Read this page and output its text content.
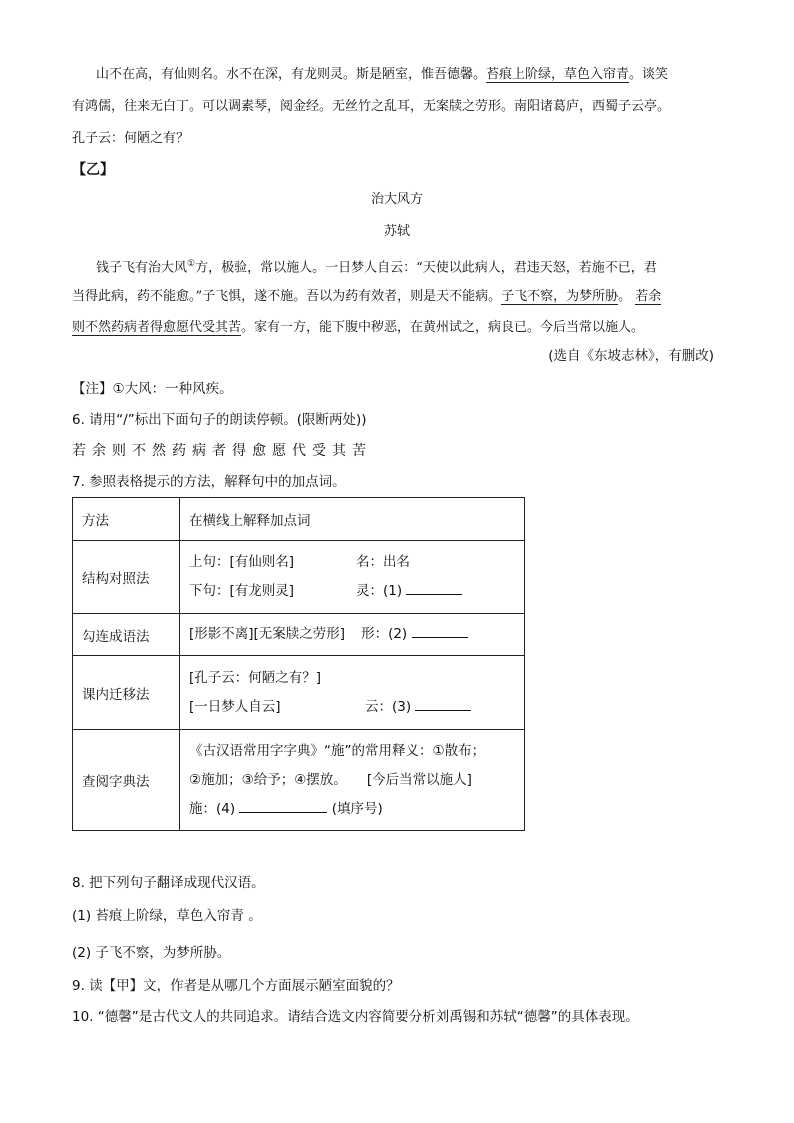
山不在高，有仙则名。水不在深，有龙则灵。斯是陋室，惟吾德馨。苔痕上阶绿，草色入帘青。谈笑
有鸿儒，往来无白丁。可以调素琴，阅金经。无丝竹之乱耳，无案牍之劳形。南阳诸葛庐，西蜀子云亭。
孔子云：何陋之有？
【乙】
治大风方
苏轼
钱子飞有治大风①方，极验，常以施人。一日梦人自云：“天使以此病人，君违天怒，若施不已，君
当得此病，药不能愈。”子飞惧，遂不施。吾以为药有效者，则是天不能病。子飞不察，为梦所胁。 若余
则不然药病者得愈愿代受其苦。家有一方，能下腹中秽恶，在黄州试之，病良已。今后当常以施人。
(选自《东坡志林》，有删改)
【注】①大风：一种风疾。
6. 请用“/”标出下面句子的朗读停顿。(限断两处))
若余则不然药病者得愈愿代受其苦
7. 参照表格提示的方法，解释句中的加点词。
方法	在横线上解释加点词
结构对照法	上句：[有仙则名] 名：出名
下句：[有龙则灵] 灵：(1)

勾连成语法	[形影不离][无案牍之劳形] 形：(2)

课内迁移法	[孔子云：何陋之有？]
[一日梦人自云] 云：(3)

查阅字典法	《古汉语常用字字典》“施”的常用释义：①散布；
②施加；③给予；④摆放。 [今后当常以施人]
施：(4) (填序号)
8. 把下列句子翻译成现代汉语。
(1) 苔痕上阶绿，草色入帘青 。
(2) 子飞不察，为梦所胁。
9. 读【甲】文，作者是从哪几个方面展示陋室面貌的？
10. “德馨”是古代文人的共同追求。请结合选文内容简要分析刘禹锡和苏轼“德馨”的具体表现。
